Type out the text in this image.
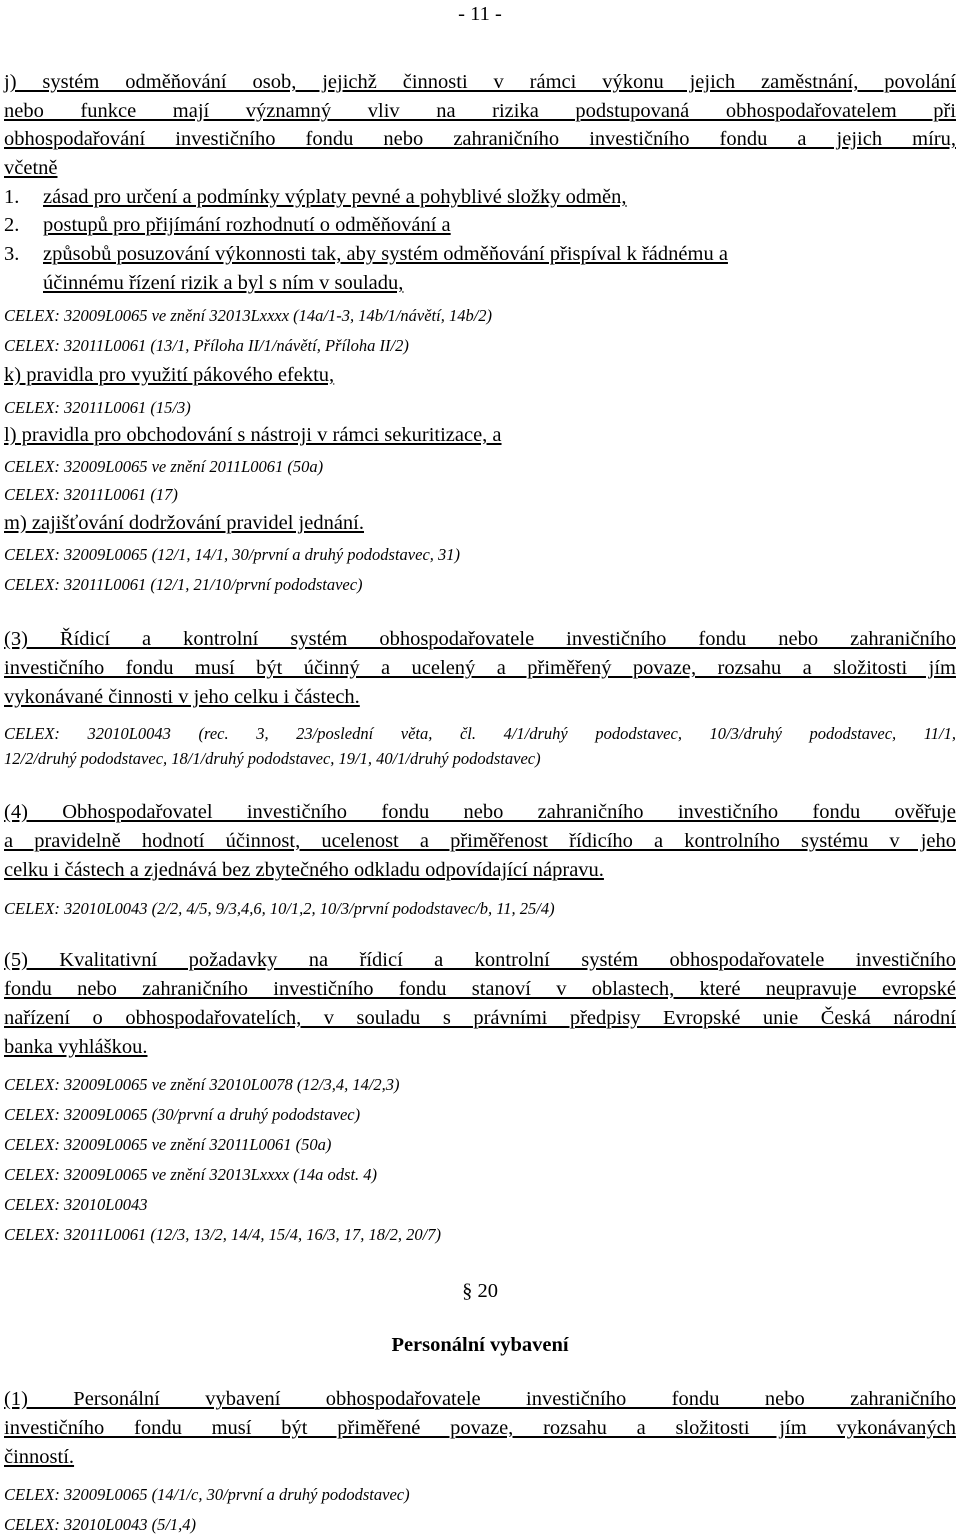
- 11 -
j) systém odměňování osob, jejichž činnosti v rámci výkonu jejich zaměstnání, povolání
nebo funkce mají významný vliv na rizika podstupovaná obhospodařovatelem při
obhospodařování investičního fondu nebo zahraničního investičního fondu a jejich míru,
včetně
1. zásad pro určení a podmínky výplaty pevné a pohyblivé složky odměn,
2. postupů pro přijímání rozhodnutí o odměňování a
3. způsobů posuzování výkonnosti tak, aby systém odměňování přispíval k řádnému a
účinnému řízení rizik a byl s ním v souladu,
CELEX: 32009L0065 ve znění 32013Lxxxx (14a/1-3, 14b/1/návětí, 14b/2)
CELEX: 32011L0061 (13/1, Příloha II/1/návětí, Příloha II/2)
k) pravidla pro využití pákového efektu,
CELEX: 32011L0061 (15/3)
l) pravidla pro obchodování s nástroji v rámci sekuritizace, a
CELEX: 32009L0065 ve znění 2011L0061 (50a)
CELEX: 32011L0061 (17)
m) zajišťování dodržování pravidel jednání.
CELEX: 32009L0065 (12/1, 14/1, 30/první a druhý pododstavec, 31)
CELEX: 32011L0061 (12/1, 21/10/první pododstavec)
(3) Řídicí a kontrolní systém obhospodařovatele investičního fondu nebo zahraničního
investičního fondu musí být účinný a ucelený a přiměřený povaze, rozsahu a složitosti jím
vykonávané činnosti v jeho celku i částech.
CELEX: 32010L0043 (rec. 3, 23/poslední věta, čl. 4/1/druhý pododstavec, 10/3/druhý pododstavec, 11/1,
12/2/druhý pododstavec, 18/1/druhý pododstavec, 19/1, 40/1/druhý pododstavec)
(4) Obhospodařovatel investičního fondu nebo zahraničního investičního fondu ověřuje
a pravidelně hodnotí účinnost, ucelenost a přiměřenost řídicího a kontrolního systému v jeho
celku i částech a zjednává bez zbytečného odkladu odpovídající nápravu.
CELEX: 32010L0043 (2/2, 4/5, 9/3,4,6, 10/1,2, 10/3/první pododstavec/b, 11, 25/4)
(5) Kvalitativní požadavky na řídicí a kontrolní systém obhospodařovatele investičního
fondu nebo zahraničního investičního fondu stanoví v oblastech, které neupravuje evropské
nařízení o obhospodařovatelích, v souladu s právními předpisy Evropské unie Česká národní
banka vyhláškou.
CELEX: 32009L0065 ve znění 32010L0078 (12/3,4, 14/2,3)
CELEX: 32009L0065 (30/první a druhý pododstavec)
CELEX: 32009L0065 ve znění 32011L0061 (50a)
CELEX: 32009L0065 ve znění 32013Lxxxx (14a odst. 4)
CELEX: 32010L0043
CELEX: 32011L0061 (12/3, 13/2, 14/4, 15/4, 16/3, 17, 18/2, 20/7)
§ 20
Personální vybavení
(1) Personální vybavení obhospodařovatele investičního fondu nebo zahraničního
investičního fondu musí být přiměřené povaze, rozsahu a složitosti jím vykonávaných
činností.
CELEX: 32009L0065 (14/1/c, 30/první a druhý pododstavec)
CELEX: 32010L0043 (5/1,4)
